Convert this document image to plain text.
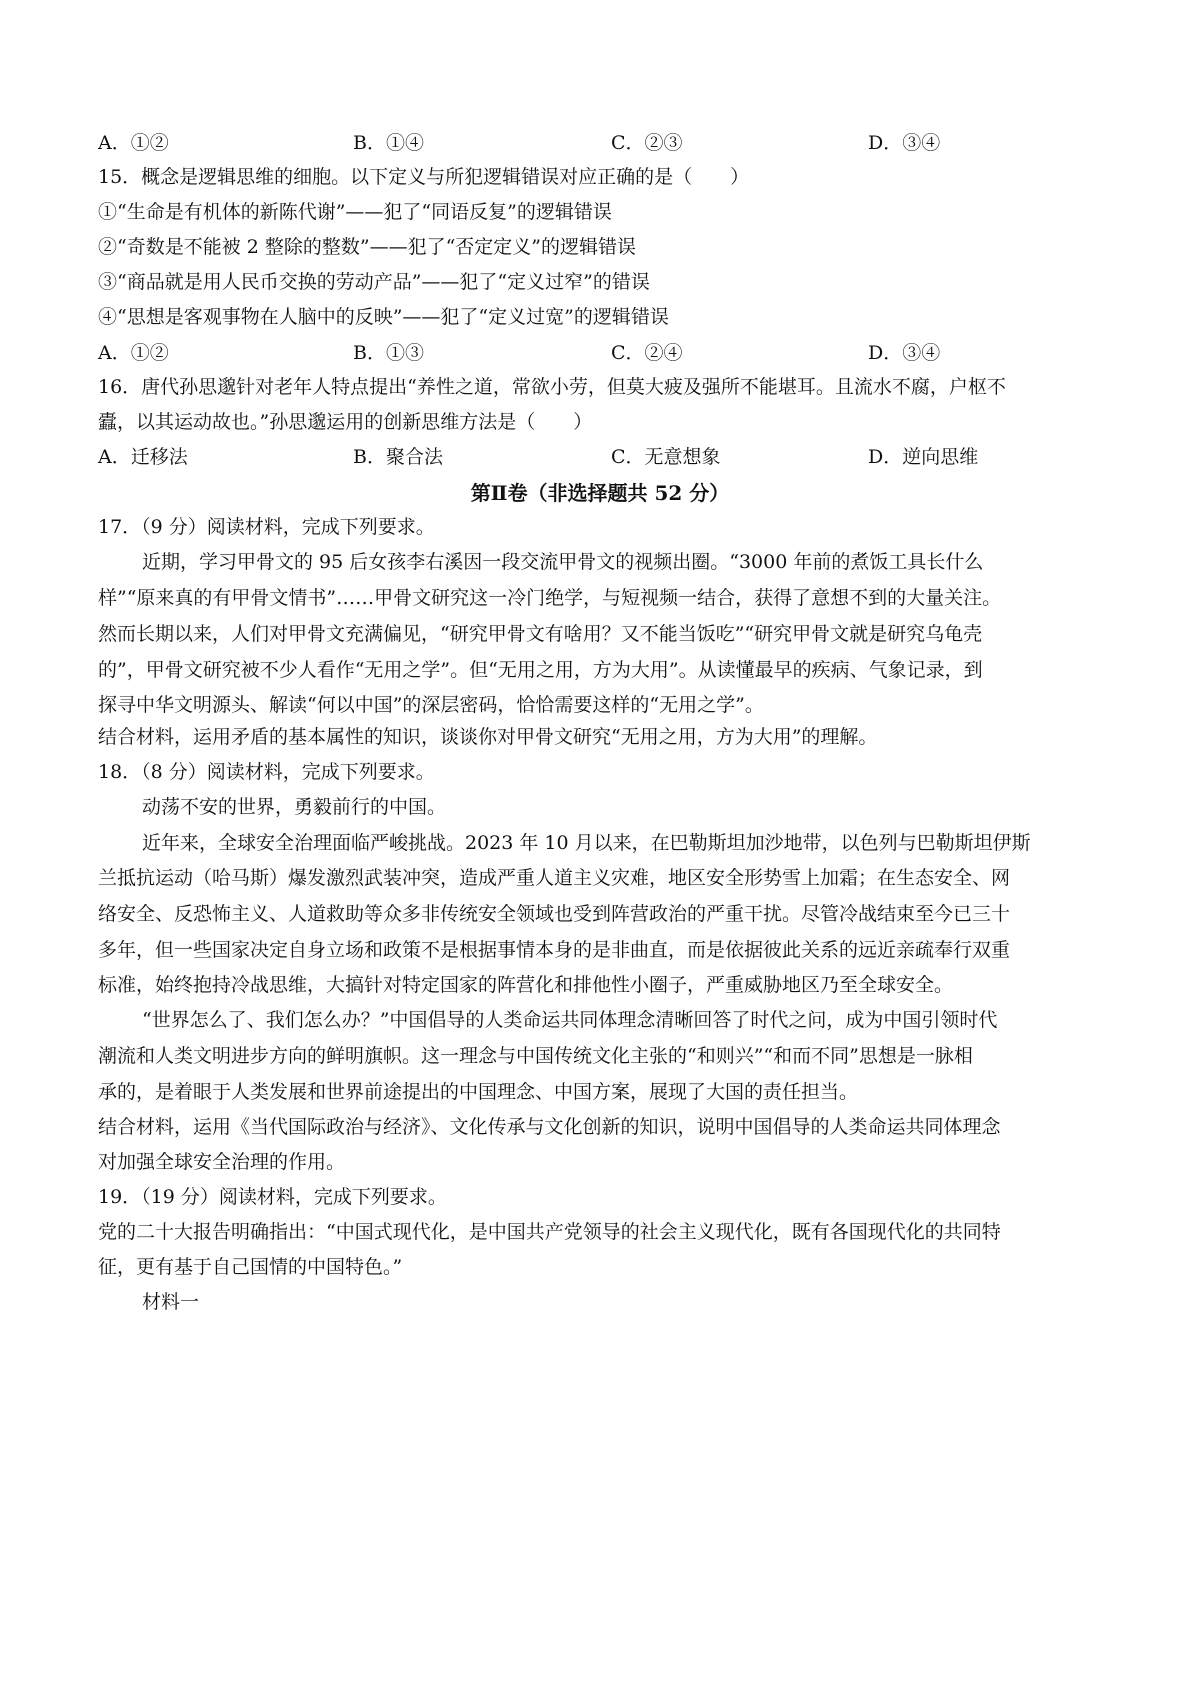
A．①②	B．①④	C．②③	D．③④
15．概念是逻辑思维的细胞。以下定义与所犯逻辑错误对应正确的是（　　）
①“生命是有机体的新陈代谢”——犯了“同语反复”的逻辑错误
②“奇数是不能被 2 整除的整数”——犯了“否定定义”的逻辑错误
③“商品就是用人民币交换的劳动产品”——犯了“定义过窄”的错误
④“思想是客观事物在人脑中的反映”——犯了“定义过宽”的逻辑错误
A．①②	B．①③	C．②④	D．③④
16．唐代孙思邈针对老年人特点提出“养性之道，常欲小劳，但莫大疲及强所不能堪耳。且流水不腐，户枢不
蠹，以其运动故也。”孙思邈运用的创新思维方法是（　　）
A．迁移法	B．聚合法	C．无意想象	D．逆向思维
第Ⅱ卷（非选择题共 52 分）
17．（9 分）阅读材料，完成下列要求。
近期，学习甲骨文的 95 后女孩李右溪因一段交流甲骨文的视频出圈。“3000 年前的煮饭工具长什么
样”“原来真的有甲骨文情书”……甲骨文研究这一冷门绝学，与短视频一结合，获得了意想不到的大量关注。
然而长期以来，人们对甲骨文充满偏见，“研究甲骨文有啥用？又不能当饭吃”“研究甲骨文就是研究乌龟壳
的”，甲骨文研究被不少人看作“无用之学”。但“无用之用，方为大用”。从读懂最早的疾病、气象记录，到
探寻中华文明源头、解读“何以中国”的深层密码，恰恰需要这样的“无用之学”。
结合材料，运用矛盾的基本属性的知识，谈谈你对甲骨文研究“无用之用，方为大用”的理解。
18．（8 分）阅读材料，完成下列要求。
动荡不安的世界，勇毅前行的中国。
近年来，全球安全治理面临严峻挑战。2023 年 10 月以来，在巴勒斯坦加沙地带，以色列与巴勒斯坦伊斯
兰抵抗运动（哈马斯）爆发激烈武装冲突，造成严重人道主义灾难，地区安全形势雪上加霜；在生态安全、网
络安全、反恐怖主义、人道救助等众多非传统安全领域也受到阵营政治的严重干扰。尽管冷战结束至今已三十
多年，但一些国家决定自身立场和政策不是根据事情本身的是非曲直，而是依据彼此关系的远近亲疏奉行双重
标准，始终抱持冷战思维，大搞针对特定国家的阵营化和排他性小圈子，严重威胁地区乃至全球安全。
“世界怎么了、我们怎么办？”中国倡导的人类命运共同体理念清晰回答了时代之问，成为中国引领时代
潮流和人类文明进步方向的鲜明旗帜。这一理念与中国传统文化主张的“和则兴”“和而不同”思想是一脉相
承的，是着眼于人类发展和世界前途提出的中国理念、中国方案，展现了大国的责任担当。
结合材料，运用《当代国际政治与经济》、文化传承与文化创新的知识，说明中国倡导的人类命运共同体理念
对加强全球安全治理的作用。
19．（19 分）阅读材料，完成下列要求。
党的二十大报告明确指出：“中国式现代化，是中国共产党领导的社会主义现代化，既有各国现代化的共同特
征，更有基于自己国情的中国特色。”
材料一
